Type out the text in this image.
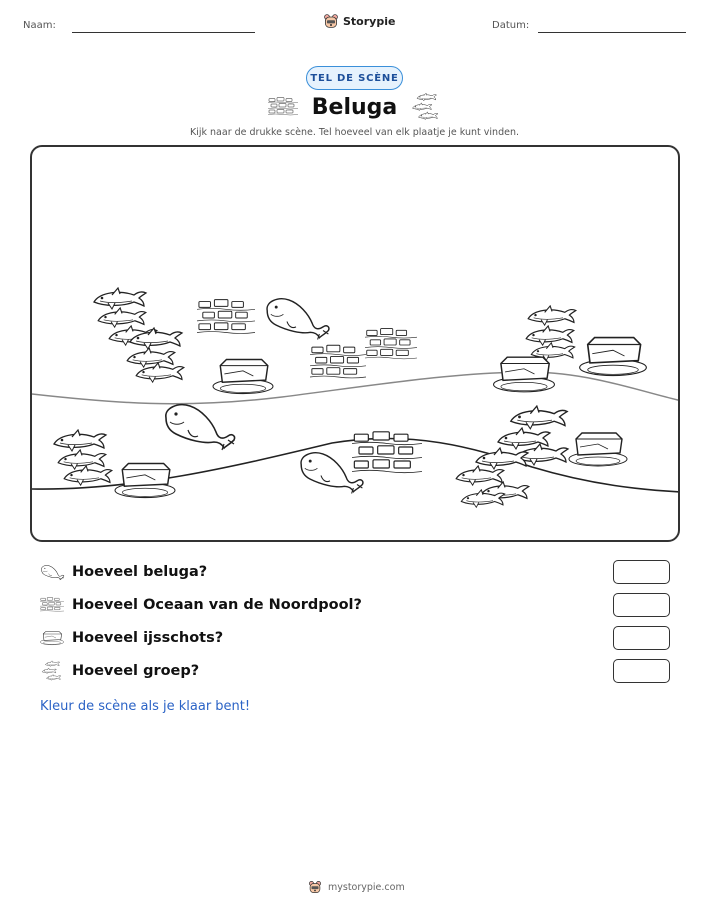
Naam:	Storypie	Datum:
TEL DE SCÈNE
Beluga
Kijk naar de drukke scène. Tel hoeveel van elk plaatje je kunt vinden.
Hoeveel beluga?
Hoeveel Oceaan van de Noordpool?
Hoeveel ijsschots?
Hoeveel groep?
Kleur de scène als je klaar bent!
mystorypie.com
